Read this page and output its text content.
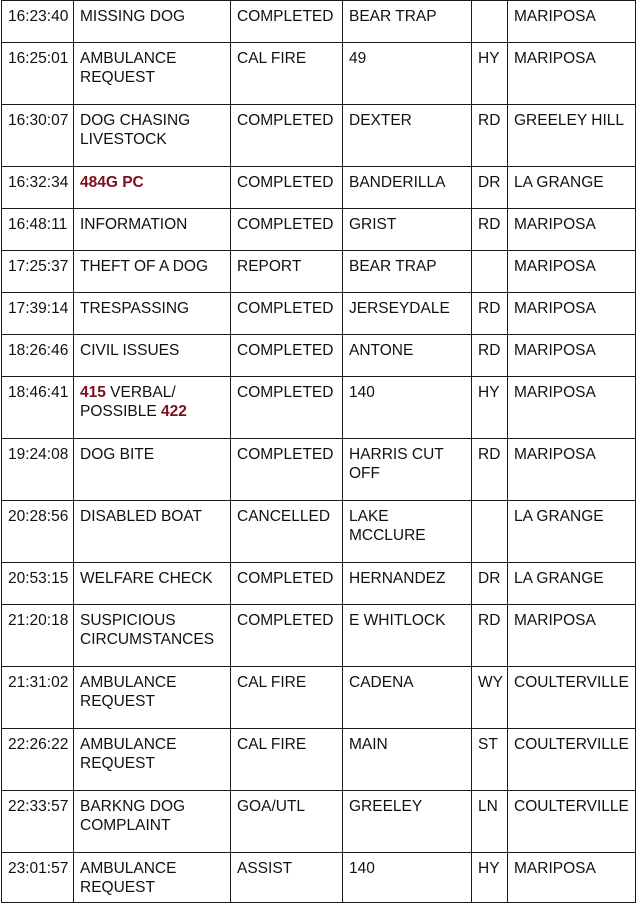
16:23:40	MISSING DOG	COMPLETED	BEAR TRAP		MARIPOSA
16:25:01	AMBULANCE
REQUEST	CAL FIRE	49	HY	MARIPOSA
16:30:07	DOG CHASING
LIVESTOCK	COMPLETED	DEXTER	RD	GREELEY HILL
16:32:34	484G PC	COMPLETED	BANDERILLA	DR	LA GRANGE
16:48:11	INFORMATION	COMPLETED	GRIST	RD	MARIPOSA
17:25:37	THEFT OF A DOG	REPORT	BEAR TRAP		MARIPOSA
17:39:14	TRESPASSING	COMPLETED	JERSEYDALE	RD	MARIPOSA
18:26:46	CIVIL ISSUES	COMPLETED	ANTONE	RD	MARIPOSA
18:46:41	415 VERBAL/
POSSIBLE 422	COMPLETED	140	HY	MARIPOSA
19:24:08	DOG BITE	COMPLETED	HARRIS CUT
OFF	RD	MARIPOSA
20:28:56	DISABLED BOAT	CANCELLED	LAKE
MCCLURE		LA GRANGE
20:53:15	WELFARE CHECK	COMPLETED	HERNANDEZ	DR	LA GRANGE
21:20:18	SUSPICIOUS
CIRCUMSTANCES	COMPLETED	E WHITLOCK	RD	MARIPOSA
21:31:02	AMBULANCE
REQUEST	CAL FIRE	CADENA	WY	COULTERVILLE
22:26:22	AMBULANCE
REQUEST	CAL FIRE	MAIN	ST	COULTERVILLE
22:33:57	BARKNG DOG
COMPLAINT	GOA/UTL	GREELEY	LN	COULTERVILLE
23:01:57	AMBULANCE
REQUEST	ASSIST	140	HY	MARIPOSA
